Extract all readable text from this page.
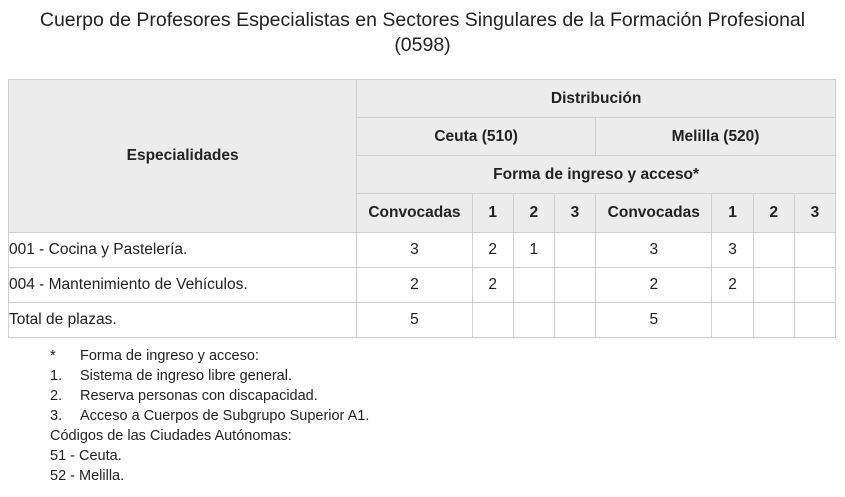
Cuerpo de Profesores Especialistas en Sectores Singulares de la Formación Profesional
(0598)
Especialidades	Distribución							
	Ceuta (510)				Melilla (520)			
	Forma de ingreso y acceso*							
	Convocadas	1	2	3	Convocadas	1	2	3
001 - Cocina y Pastelería.	3	2	1		3	3		
004 - Mantenimiento de Vehículos.	2	2			2	2		
Total de plazas.	5				5			
* Forma de ingreso y acceso:
1. Sistema de ingreso libre general.
2. Reserva personas con discapacidad.
3. Acceso a Cuerpos de Subgrupo Superior A1.
Códigos de las Ciudades Autónomas:
51 - Ceuta.
52 - Melilla.
